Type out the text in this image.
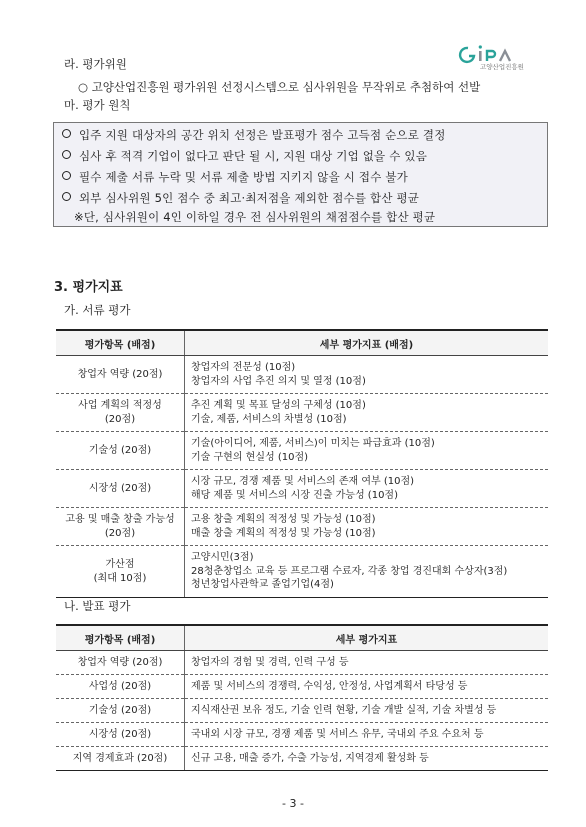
라. 평가위원	고양산업진흥원
○ 고양산업진흥원 평가위원 선정시스템으로 심사위원을 무작위로 추첨하여 선발
마. 평가 원칙
입주 지원 대상자의 공간 위치 선정은 발표평가 점수 고득점 순으로 결정
심사 후 적격 기업이 없다고 판단 될 시, 지원 대상 기업 없을 수 있음
필수 제출 서류 누락 및 서류 제출 방법 지키지 않을 시 접수 불가
외부 심사위원 5인 점수 중 최고·최저점을 제외한 점수를 합산 평균
※단, 심사위원이 4인 이하일 경우 전 심사위원의 채점점수를 합산 평균
3. 평가지표
가. 서류 평가
평가항목 (배점)	세부 평가지표 (배점)
창업자 역량 (20점)	창업자의 전문성 (10점)
창업자의 사업 추진 의지 및 열정 (10점)
사업 계획의 적정성
(20점)	추진 계획 및 목표 달성의 구체성 (10점)
기술, 제품, 서비스의 차별성 (10점)
기술성 (20점)	기술(아이디어, 제품, 서비스)이 미치는 파급효과 (10점)
기술 구현의 현실성 (10점)
시장성 (20점)	시장 규모, 경쟁 제품 및 서비스의 존재 여부 (10점)
해당 제품 및 서비스의 시장 진출 가능성 (10점)
고용 및 매출 창출 가능성
(20점)	고용 창출 계획의 적정성 및 가능성 (10점)
매출 창출 계획의 적정성 및 가능성 (10점)
가산점
(최대 10점)	고양시민(3점)
28청춘창업소 교육 등 프로그램 수료자, 각종 창업 경진대회 수상자(3점)
청년창업사관학교 졸업기업(4점)
나. 발표 평가
평가항목 (배점)	세부 평가지표
창업자 역량 (20점)	창업자의 경험 및 경력, 인력 구성 등
사업성 (20점)	제품 및 서비스의 경쟁력, 수익성, 안정성, 사업계획서 타당성 등
기술성 (20점)	지식재산권 보유 정도, 기술 인력 현황, 기술 개발 실적, 기술 차별성 등
시장성 (20점)	국내외 시장 규모, 경쟁 제품 및 서비스 유무, 국내외 주요 수요처 등
지역 경제효과 (20점)	신규 고용, 매출 증가, 수출 가능성, 지역경제 활성화 등
- 3 -
